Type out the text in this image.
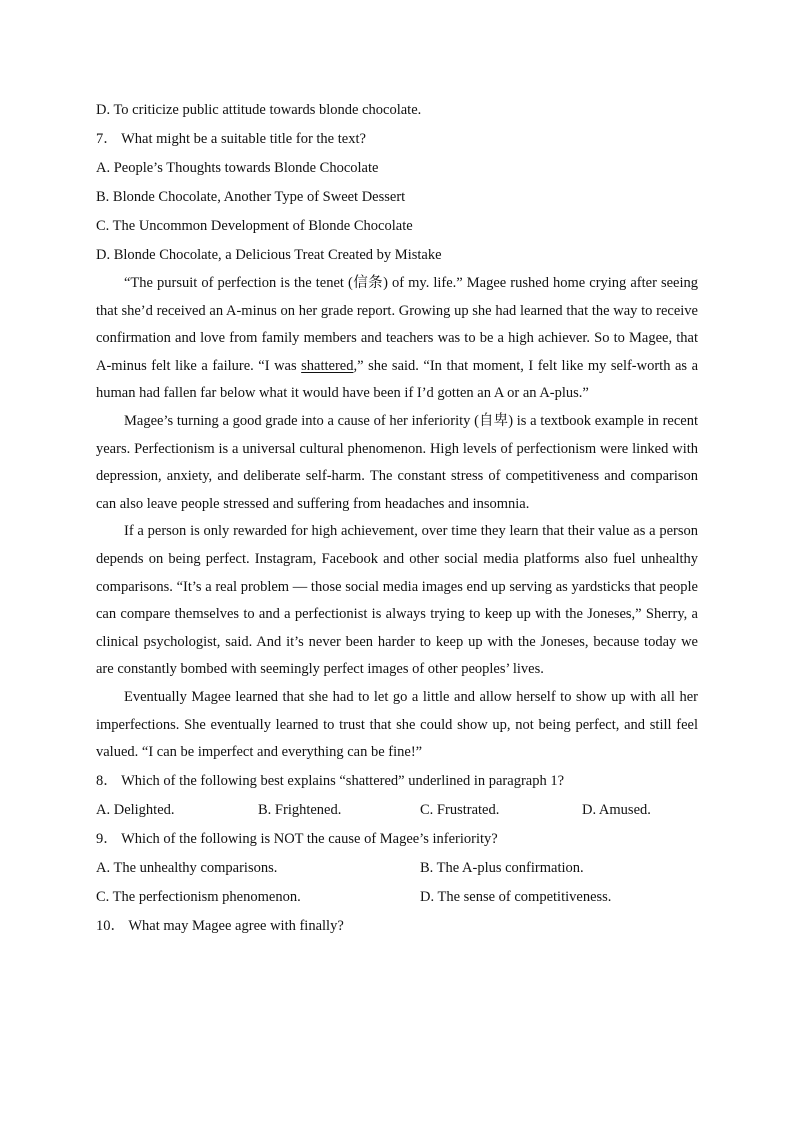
D. To criticize public attitude towards blonde chocolate.
7． What might be a suitable title for the text?
A. People’s Thoughts towards Blonde Chocolate
B. Blonde Chocolate, Another Type of Sweet Dessert
C. The Uncommon Development of Blonde Chocolate
D. Blonde Chocolate, a Delicious Treat Created by Mistake

“The pursuit of perfection is the tenet (信条) of my. life.” Magee rushed home crying after seeing that she’d received an A-minus on her grade report. Growing up she had learned that the way to receive confirmation and love from family members and teachers was to be a high achiever. So to Magee, that A-minus felt like a failure. “I was shattered,” she said. “In that moment, I felt like my self-worth as a human had fallen far below what it would have been if I’d gotten an A or an A-plus.”

Magee’s turning a good grade into a cause of her inferiority (自卑) is a textbook example in recent years. Perfectionism is a universal cultural phenomenon. High levels of perfectionism were linked with depression, anxiety, and deliberate self-harm. The constant stress of competitiveness and comparison can also leave people stressed and suffering from headaches and insomnia.

If a person is only rewarded for high achievement, over time they learn that their value as a person depends on being perfect. Instagram, Facebook and other social media platforms also fuel unhealthy comparisons. “It’s a real problem — those social media images end up serving as yardsticks that people can compare themselves to and a perfectionist is always trying to keep up with the Joneses,” Sherry, a clinical psychologist, said. And it’s never been harder to keep up with the Joneses, because today we are constantly bombed with seemingly perfect images of other peoples’ lives.

Eventually Magee learned that she had to let go a little and allow herself to show up with all her imperfections. She eventually learned to trust that she could show up, not being perfect, and still feel valued. “I can be imperfect and everything can be fine!”

8． Which of the following best explains “shattered” underlined in paragraph 1?
A. Delighted.	B. Frightened.	C. Frustrated.	D. Amused.
9． Which of the following is NOT the cause of Magee’s inferiority?
A. The unhealthy comparisons.	B. The A-plus confirmation.
C. The perfectionism phenomenon.	D. The sense of competitiveness.
10． What may Magee agree with finally?
